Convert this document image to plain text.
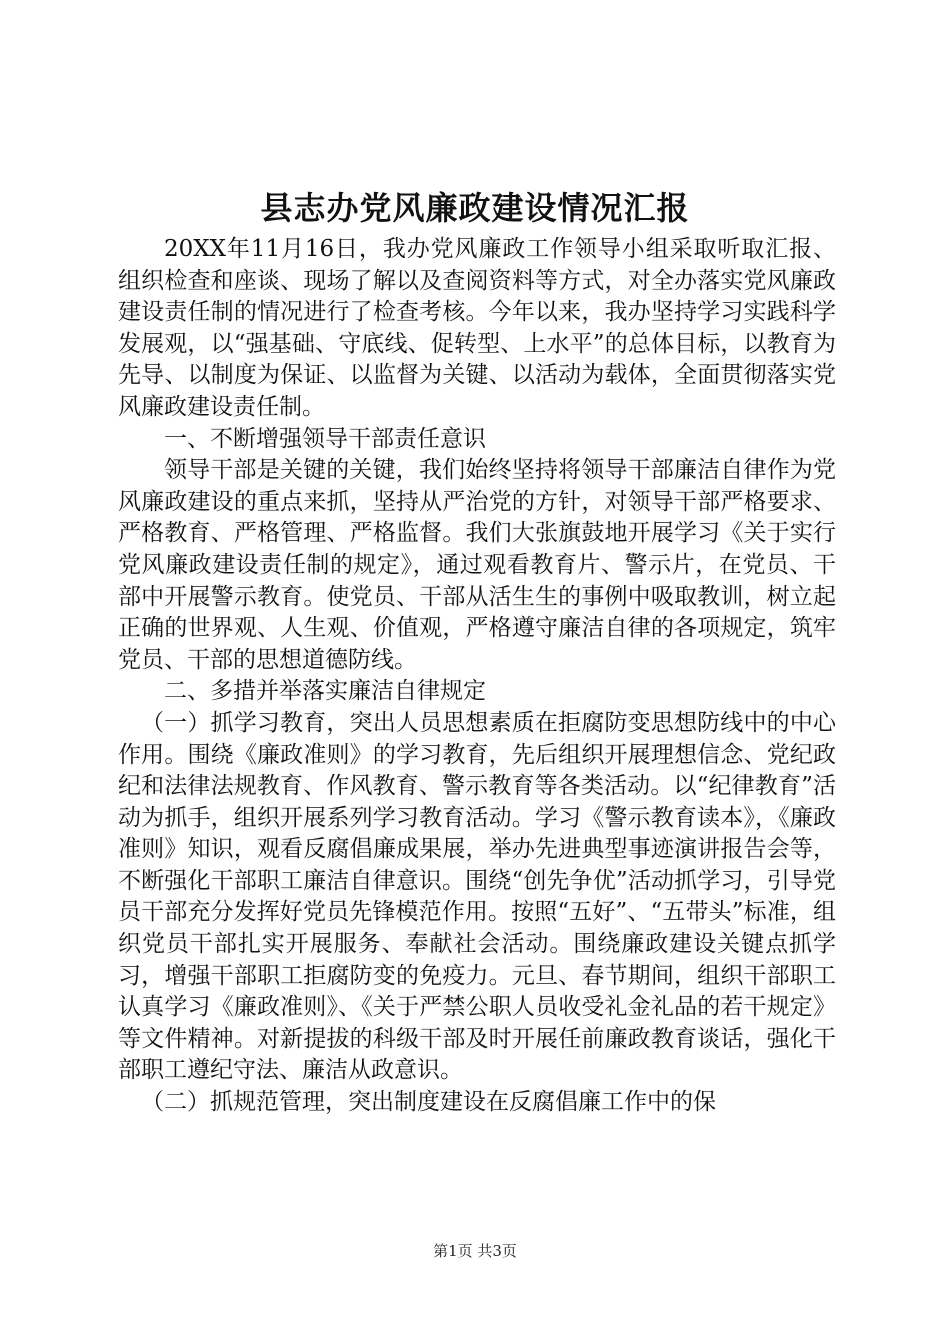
县志办党风廉政建设情况汇报

20XX年11月16日，我办党风廉政工作领导小组采取听取汇报、组织检查和座谈、现场了解以及查阅资料等方式，对全办落实党风廉政建设责任制的情况进行了检查考核。今年以来，我办坚持学习实践科学发展观，以“强基础、守底线、促转型、上水平”的总体目标，以教育为先导、以制度为保证、以监督为关键、以活动为载体，全面贯彻落实党风廉政建设责任制。

一、不断增强领导干部责任意识

领导干部是关键的关键，我们始终坚持将领导干部廉洁自律作为党风廉政建设的重点来抓，坚持从严治党的方针，对领导干部严格要求、严格教育、严格管理、严格监督。我们大张旗鼓地开展学习《关于实行党风廉政建设责任制的规定》，通过观看教育片、警示片，在党员、干部中开展警示教育。使党员、干部从活生生的事例中吸取教训，树立起正确的世界观、人生观、价值观，严格遵守廉洁自律的各项规定，筑牢党员、干部的思想道德防线。

二、多措并举落实廉洁自律规定

（一）抓学习教育，突出人员思想素质在拒腐防变思想防线中的中心作用。围绕《廉政准则》的学习教育，先后组织开展理想信念、党纪政纪和法律法规教育、作风教育、警示教育等各类活动。以“纪律教育”活动为抓手，组织开展系列学习教育活动。学习《警示教育读本》，《廉政准则》知识，观看反腐倡廉成果展，举办先进典型事迹演讲报告会等，不断强化干部职工廉洁自律意识。围绕“创先争优”活动抓学习，引导党员干部充分发挥好党员先锋模范作用。按照“五好”、“五带头”标准，组织党员干部扎实开展服务、奉献社会活动。围绕廉政建设关键点抓学习，增强干部职工拒腐防变的免疫力。元旦、春节期间，组织干部职工认真学习《廉政准则》、《关于严禁公职人员收受礼金礼品的若干规定》等文件精神。对新提拔的科级干部及时开展任前廉政教育谈话，强化干部职工遵纪守法、廉洁从政意识。

（二）抓规范管理，突出制度建设在反腐倡廉工作中的保

第1页 共3页
